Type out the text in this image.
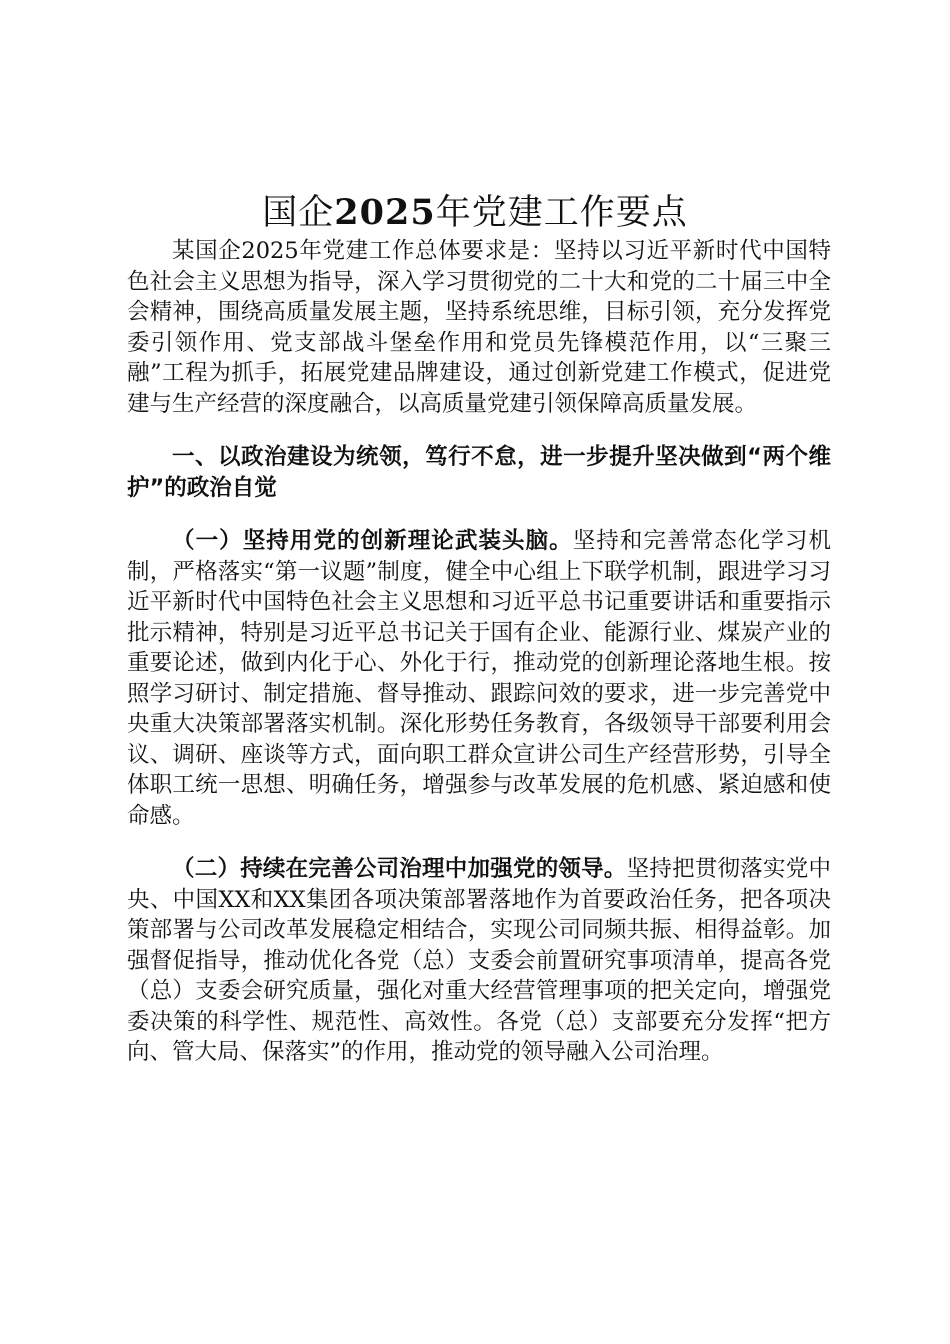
国企2025年党建工作要点

某国企2025年党建工作总体要求是：坚持以习近平新时代中国特色社会主义思想为指导，深入学习贯彻党的二十大和党的二十届三中全会精神，围绕高质量发展主题，坚持系统思维，目标引领，充分发挥党委引领作用、党支部战斗堡垒作用和党员先锋模范作用，以“三聚三融”工程为抓手，拓展党建品牌建设，通过创新党建工作模式，促进党建与生产经营的深度融合，以高质量党建引领保障高质量发展。

一、以政治建设为统领，笃行不怠，进一步提升坚决做到“两个维护”的政治自觉

（一）坚持用党的创新理论武装头脑。坚持和完善常态化学习机制，严格落实“第一议题”制度，健全中心组上下联学机制，跟进学习习近平新时代中国特色社会主义思想和习近平总书记重要讲话和重要指示批示精神，特别是习近平总书记关于国有企业、能源行业、煤炭产业的重要论述，做到内化于心、外化于行，推动党的创新理论落地生根。按照学习研讨、制定措施、督导推动、跟踪问效的要求，进一步完善党中央重大决策部署落实机制。深化形势任务教育，各级领导干部要利用会议、调研、座谈等方式，面向职工群众宣讲公司生产经营形势，引导全体职工统一思想、明确任务，增强参与改革发展的危机感、紧迫感和使命感。

（二）持续在完善公司治理中加强党的领导。坚持把贯彻落实党中央、中国XX和XX集团各项决策部署落地作为首要政治任务，把各项决策部署与公司改革发展稳定相结合，实现公司同频共振、相得益彰。加强督促指导，推动优化各党（总）支委会前置研究事项清单，提高各党（总）支委会研究质量，强化对重大经营管理事项的把关定向，增强党委决策的科学性、规范性、高效性。各党（总）支部要充分发挥“把方向、管大局、保落实”的作用，推动党的领导融入公司治理。
